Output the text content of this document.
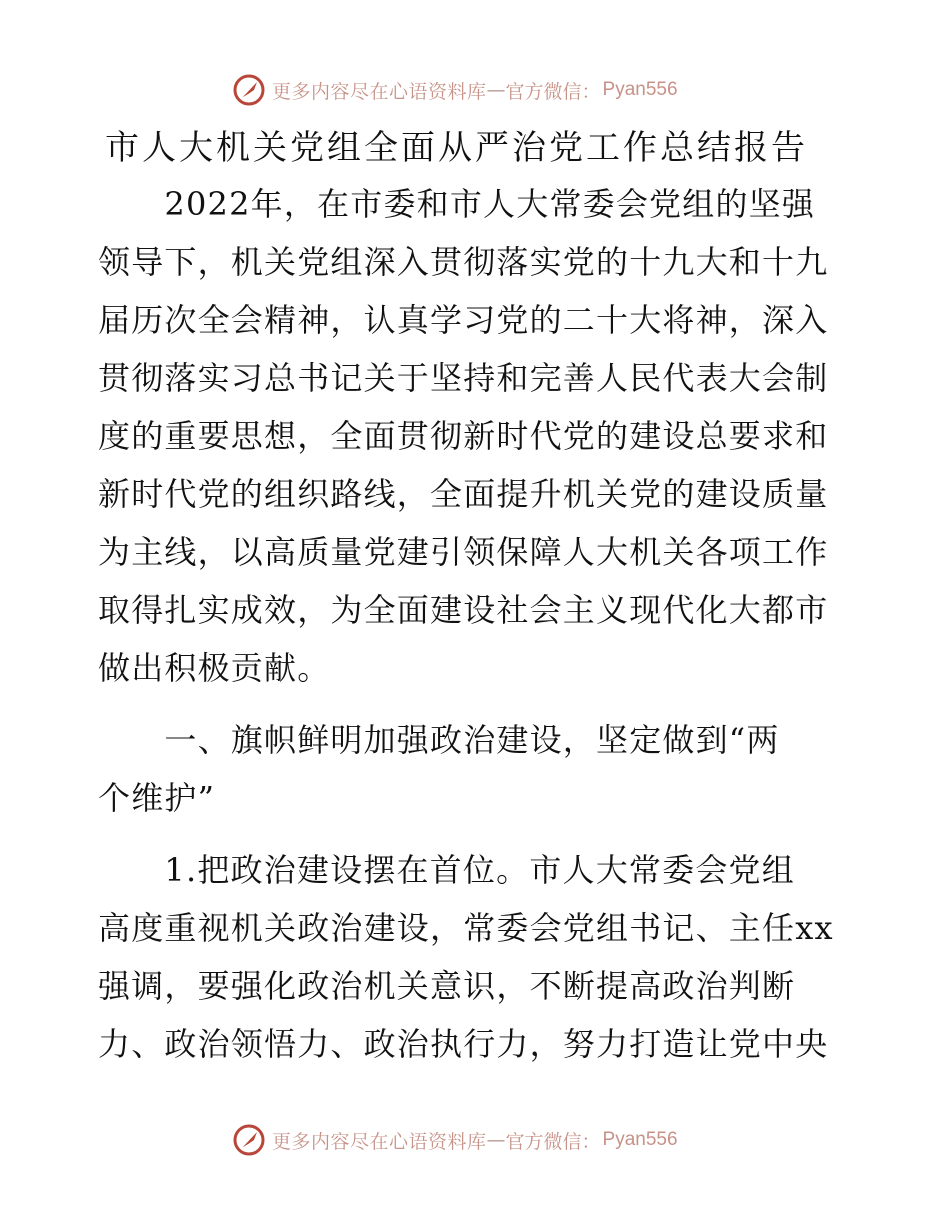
更多内容尽在心语资料库 — 官方微信： Pyan556
市人大机关党组全面从严治党工作总结报告
　　2022年，在市委和市人大常委会党组的坚强
领导下，机关党组深入贯彻落实党的十九大和十九
届历次全会精神，认真学习党的二十大将神，深入
贯彻落实习总书记关于坚持和完善人民代表大会制
度的重要思想，全面贯彻新时代党的建设总要求和
新时代党的组织路线，全面提升机关党的建设质量
为主线，以高质量党建引领保障人大机关各项工作
取得扎实成效，为全面建设社会主义现代化大都市
做出积极贡献。
　　一、旗帜鲜明加强政治建设，坚定做到“两
个维护”
　　1.把政治建设摆在首位。市人大常委会党组
高度重视机关政治建设，常委会党组书记、主任xx
强调，要强化政治机关意识，不断提高政治判断
力、政治领悟力、政治执行力，努力打造让党中央
更多内容尽在心语资料库 — 官方微信： Pyan556
